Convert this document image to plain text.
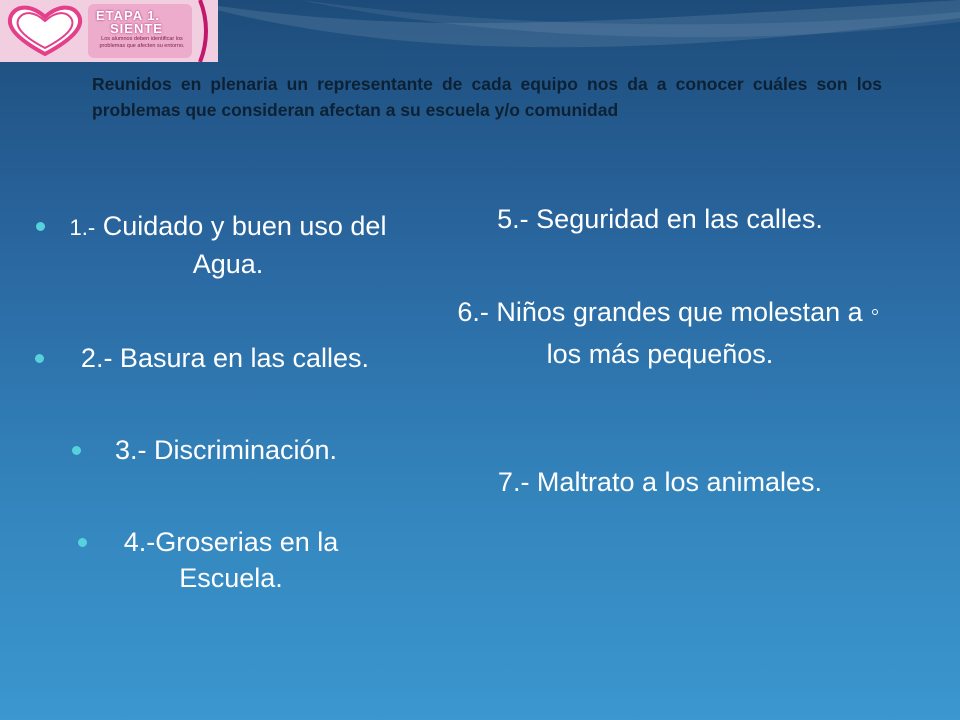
ETAPA 1.
SIENTE
Los alumnos deben identificar los problemas que afecten su entorno.
Reunidos en plenaria un representante de cada equipo nos da a conocer cuáles son los problemas que consideran afectan a su escuela y/o comunidad
1.- Cuidado y buen uso del Agua.
2.- Basura en las calles.
3.- Discriminación.
4.-Groserias en la Escuela.
5.- Seguridad en las calles.
6.- Niños grandes que molestan a los más pequeños.
7.- Maltrato a los animales.
